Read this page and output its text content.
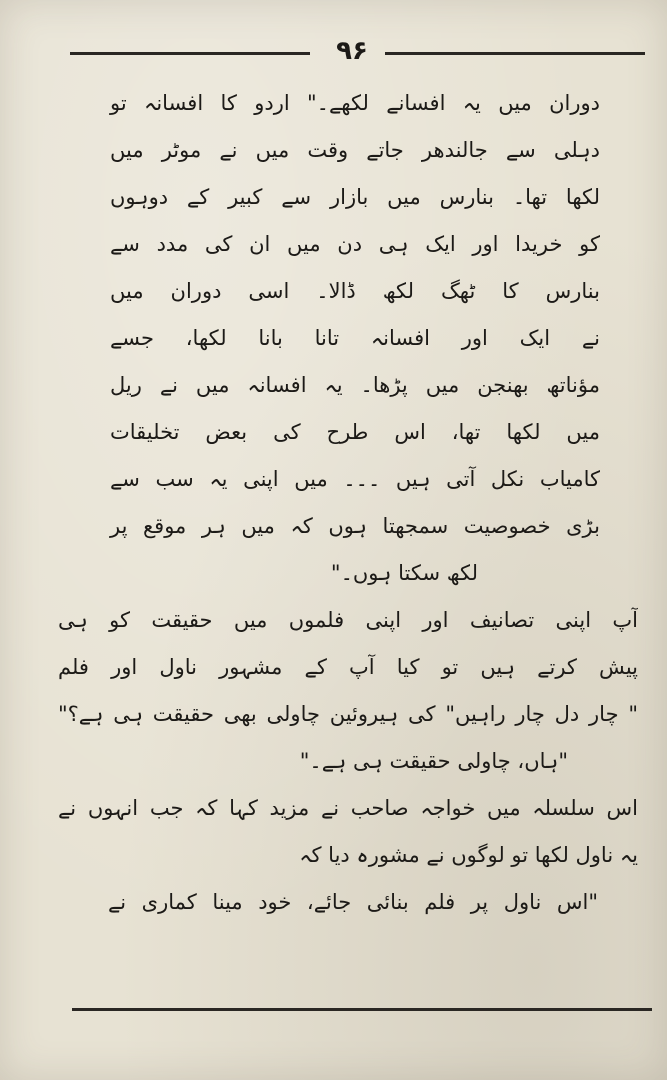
۹۶
دوران میں یہ افسانے لکھے۔" اردو کا افسانہ تو
دہلی سے جالندھر جاتے وقت میں نے موٹر میں
لکھا تھا۔ بنارس میں بازار سے کبیر کے دوہوں
کو خریدا اور ایک ہی دن میں ان کی مدد سے
بنارس کا ٹھگ لکھ ڈالا۔ اسی دوران میں
نے ایک اور افسانہ تانا بانا لکھا، جسے
مؤناتھ بھنجن میں پڑھا۔ یہ افسانہ میں نے ریل
میں لکھا تھا، اس طرح کی بعض تخلیقات
کامیاب نکل آتی ہیں ۔۔۔ میں اپنی یہ سب سے
بڑی خصوصیت سمجھتا ہوں کہ میں ہر موقع پر
لکھ سکتا ہوں۔"
آپ اپنی تصانیف اور اپنی فلموں میں حقیقت کو ہی
پیش کرتے ہیں تو کیا آپ کے مشہور ناول اور فلم
" چار دل چار راہیں" کی ہیروئین چاولی بھی حقیقت ہی ہے؟"
"ہاں، چاولی حقیقت ہی ہے۔"
اس سلسلہ میں خواجہ صاحب نے مزید کہا کہ جب انہوں نے
یہ ناول لکھا تو لوگوں نے مشورہ دیا کہ
"اس ناول پر فلم بنائی جائے، خود مینا کماری نے
